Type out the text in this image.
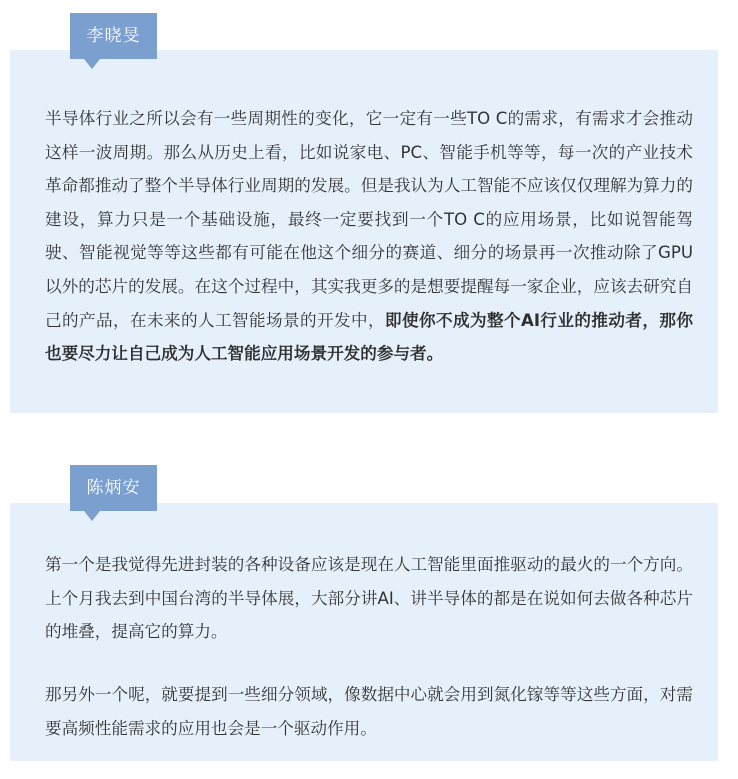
李晓旻

半导体行业之所以会有一些周期性的变化，它一定有一些TO C的需求，有需求才会推动这样一波周期。那么从历史上看，比如说家电、PC、智能手机等等，每一次的产业技术革命都推动了整个半导体行业周期的发展。但是我认为人工智能不应该仅仅理解为算力的建设，算力只是一个基础设施，最终一定要找到一个TO C的应用场景，比如说智能驾驶、智能视觉等等这些都有可能在他这个细分的赛道、细分的场景再一次推动除了GPU以外的芯片的发展。在这个过程中，其实我更多的是想要提醒每一家企业，应该去研究自己的产品，在未来的人工智能场景的开发中，即使你不成为整个AI行业的推动者，那你也要尽力让自己成为人工智能应用场景开发的参与者。

陈炳安

第一个是我觉得先进封装的各种设备应该是现在人工智能里面推驱动的最火的一个方向。上个月我去到中国台湾的半导体展，大部分讲AI、讲半导体的都是在说如何去做各种芯片的堆叠，提高它的算力。

那另外一个呢，就要提到一些细分领域，像数据中心就会用到氮化镓等等这些方面，对需要高频性能需求的应用也会是一个驱动作用。
